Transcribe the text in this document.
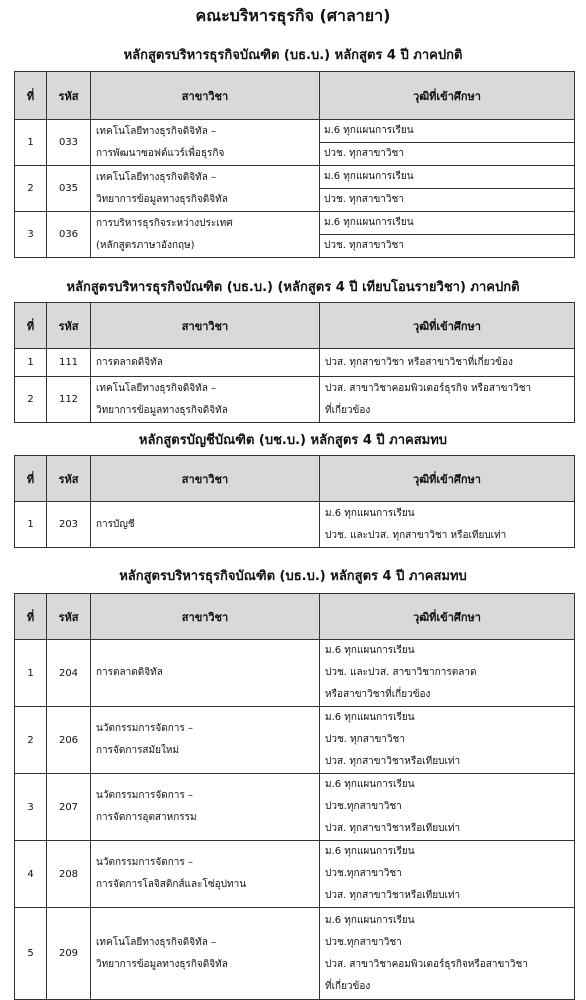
คณะบริหารธุรกิจ (ศาลายา)
หลักสูตรบริหารธุรกิจบัณฑิต (บธ.บ.) หลักสูตร 4 ปี ภาคปกติ
ที่	รหัส	สาขาวิชา	วุฒิที่เข้าศึกษา
1	033	เทคโนโลยีทางธุรกิจดิจิทัล –
การพัฒนาซอฟต์แวร์เพื่อธุรกิจ	ม.6 ทุกแผนการเรียน
ปวช. ทุกสาขาวิชา

2	035	เทคโนโลยีทางธุรกิจดิจิทัล –
วิทยาการข้อมูลทางธุรกิจดิจิทัล	ม.6 ทุกแผนการเรียน
ปวช. ทุกสาขาวิชา

3	036	การบริหารธุรกิจระหว่างประเทศ
(หลักสูตรภาษาอังกฤษ)	ม.6 ทุกแผนการเรียน
ปวช. ทุกสาขาวิชา
หลักสูตรบริหารธุรกิจบัณฑิต (บธ.บ.) (หลักสูตร 4 ปี เทียบโอนรายวิชา) ภาคปกติ
ที่	รหัส	สาขาวิชา	วุฒิที่เข้าศึกษา
1	111	การตลาดดิจิทัล	ปวส. ทุกสาขาวิชา หรือสาขาวิชาที่เกี่ยวข้อง

2	112	เทคโนโลยีทางธุรกิจดิจิทัล –
วิทยาการข้อมูลทางธุรกิจดิจิทัล	ปวส. สาขาวิชาคอมพิวเตอร์ธุรกิจ หรือสาขาวิชา
ที่เกี่ยวข้อง
หลักสูตรบัญชีบัณฑิต (บช.บ.) หลักสูตร 4 ปี ภาคสมทบ
ที่	รหัส	สาขาวิชา	วุฒิที่เข้าศึกษา
1	203	การบัญชี	ม.6 ทุกแผนการเรียน
ปวช. และปวส. ทุกสาขาวิชา หรือเทียบเท่า
หลักสูตรบริหารธุรกิจบัณฑิต (บธ.บ.) หลักสูตร 4 ปี ภาคสมทบ
ที่	รหัส	สาขาวิชา	วุฒิที่เข้าศึกษา
1	204	การตลาดดิจิทัล	ม.6 ทุกแผนการเรียน
ปวช. และปวส. สาขาวิชาการตลาด
หรือสาขาวิชาที่เกี่ยวข้อง

2	206	นวัตกรรมการจัดการ –
การจัดการสมัยใหม่	ม.6 ทุกแผนการเรียน
ปวช. ทุกสาขาวิชา
ปวส. ทุกสาขาวิชาหรือเทียบเท่า

3	207	นวัตกรรมการจัดการ –
การจัดการอุตสาหกรรม	ม.6 ทุกแผนการเรียน
ปวช.ทุกสาขาวิชา
ปวส. ทุกสาขาวิชาหรือเทียบเท่า

4	208	นวัตกรรมการจัดการ –
การจัดการโลจิสติกส์และโซ่อุปทาน	ม.6 ทุกแผนการเรียน
ปวช.ทุกสาขาวิชา
ปวส. ทุกสาขาวิชาหรือเทียบเท่า

5	209	เทคโนโลยีทางธุรกิจดิจิทัล –
วิทยาการข้อมูลทางธุรกิจดิจิทัล	ม.6 ทุกแผนการเรียน
ปวช.ทุกสาขาวิชา
ปวส. สาขาวิชาคอมพิวเตอร์ธุรกิจหรือสาขาวิชา
ที่เกี่ยวข้อง
